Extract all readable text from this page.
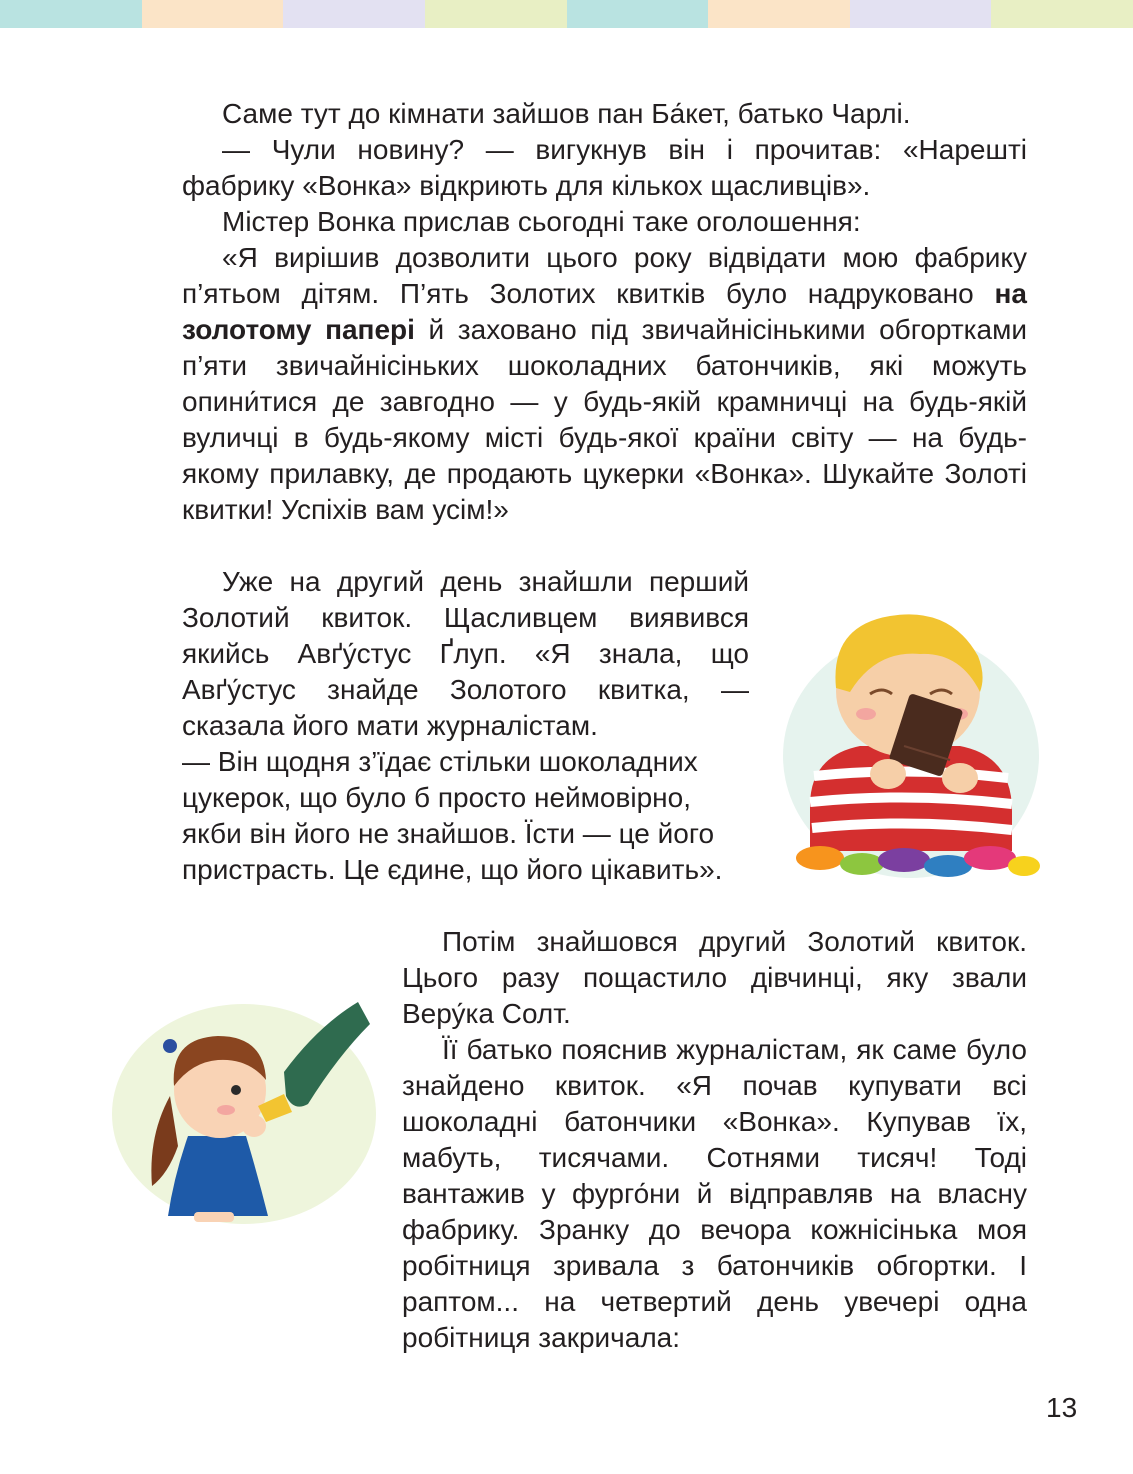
Саме тут до кімнати зайшов пан Ба́кет, батько Чарлі.

— Чули новину? — вигукнув він і прочитав: «Нарешті фабрику «Вонка» відкриють для кількох щасливців».

Містер Вонка прислав сьогодні таке оголошення:

«Я вирішив дозволити цього року відвідати мою фабрику п’ятьом дітям. П’ять Золотих квитків було надруковано на золотому папері й заховано під звичайнісінькими обгортками п’яти звичайнісіньких шоколадних батончиків, які можуть опини́тися де завгодно — у будь-якій крамничці на будь-якій вуличці в будь-якому місті будь-якої країни світу — на будь-якому прилавку, де продають цукерки «Вонка». Шукайте Золоті квитки! Успіхів вам усім!»

Уже на другий день знайшли перший Золотий квиток. Щасливцем виявився якийсь Авґу́стус Ґлуп. «Я знала, що Авґу́стус знайде Золотого квитка, — сказала його мати журналістам.

— Він щодня з’їдає стільки шоколадних цукерок, що було б просто неймовірно, якби він його не знайшов. Їсти — це його пристрасть. Це єдине, що його цікавить».

Потім знайшовся другий Золотий квиток. Цього разу пощастило дівчинці, яку звали Веру́ка Солт.

Її батько пояснив журналістам, як саме було знайдено квиток. «Я почав купувати всі шоколадні батончики «Вонка». Купував їх, мабуть, тисячами. Сотнями тисяч! Тоді вантажив у фурго́ни й відправляв на власну фабрику. Зранку до вечора кожнісінька моя робітниця зривала з батончиків обгортки. І раптом... на четвертий день увечері одна робітниця закричала:

13
